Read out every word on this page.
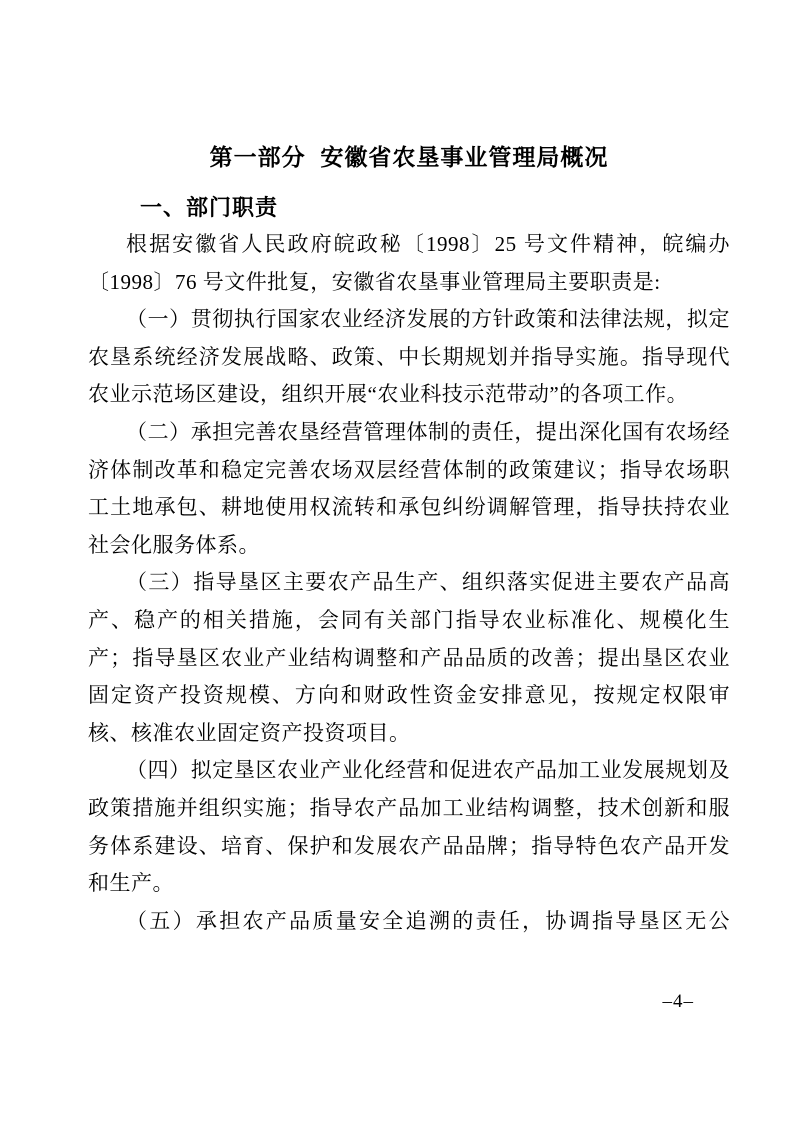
第一部分  安徽省农垦事业管理局概况
一、部门职责

根据安徽省人民政府皖政秘〔1998〕25 号文件精神，皖编办〔1998〕76 号文件批复，安徽省农垦事业管理局主要职责是:

（一）贯彻执行国家农业经济发展的方针政策和法律法规，拟定农垦系统经济发展战略、政策、中长期规划并指导实施。指导现代农业示范场区建设，组织开展“农业科技示范带动”的各项工作。

（二）承担完善农垦经营管理体制的责任，提出深化国有农场经济体制改革和稳定完善农场双层经营体制的政策建议；指导农场职工土地承包、耕地使用权流转和承包纠纷调解管理，指导扶持农业社会化服务体系。

（三）指导垦区主要农产品生产、组织落实促进主要农产品高产、稳产的相关措施，会同有关部门指导农业标准化、规模化生产；指导垦区农业产业结构调整和产品品质的改善；提出垦区农业固定资产投资规模、方向和财政性资金安排意见，按规定权限审核、核准农业固定资产投资项目。

（四）拟定垦区农业产业化经营和促进农产品加工业发展规划及政策措施并组织实施；指导农产品加工业结构调整，技术创新和服务体系建设、培育、保护和发展农产品品牌；指导特色农产品开发和生产。

（五）承担农产品质量安全追溯的责任，协调指导垦区无公

–4–
